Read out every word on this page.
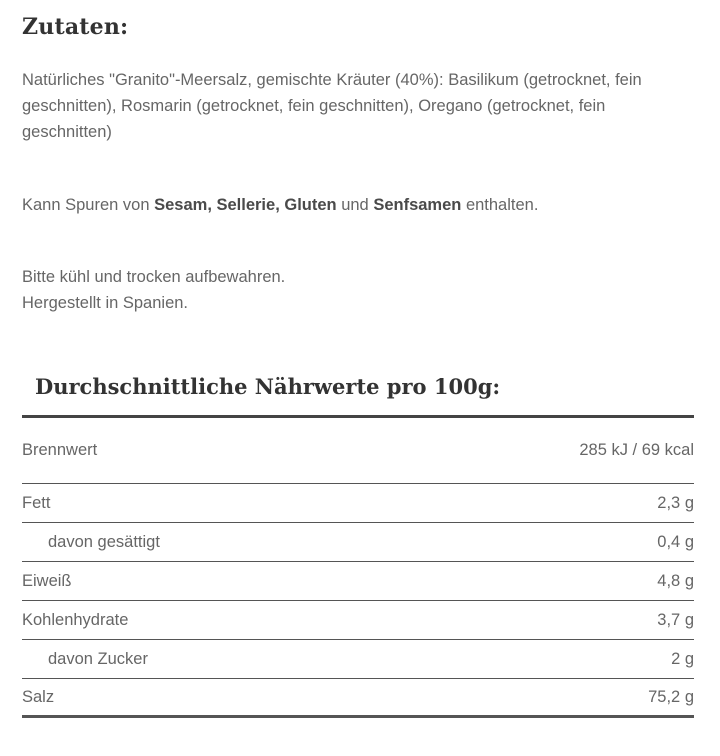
Zutaten:
Natürliches "Granito"-Meersalz, gemischte Kräuter (40%): Basilikum (getrocknet, fein geschnitten), Rosmarin (getrocknet, fein geschnitten), Oregano (getrocknet, fein geschnitten)
Kann Spuren von Sesam, Sellerie, Gluten und Senfsamen enthalten.
Bitte kühl und trocken aufbewahren.
Hergestellt in Spanien.
Durchschnittliche Nährwerte pro 100g:
Brennwert	285 kJ / 69 kcal
Fett	2,3 g
davon gesättigt	0,4 g
Eiweiß	4,8 g
Kohlenhydrate	3,7 g
davon Zucker	2 g
Salz	75,2 g
